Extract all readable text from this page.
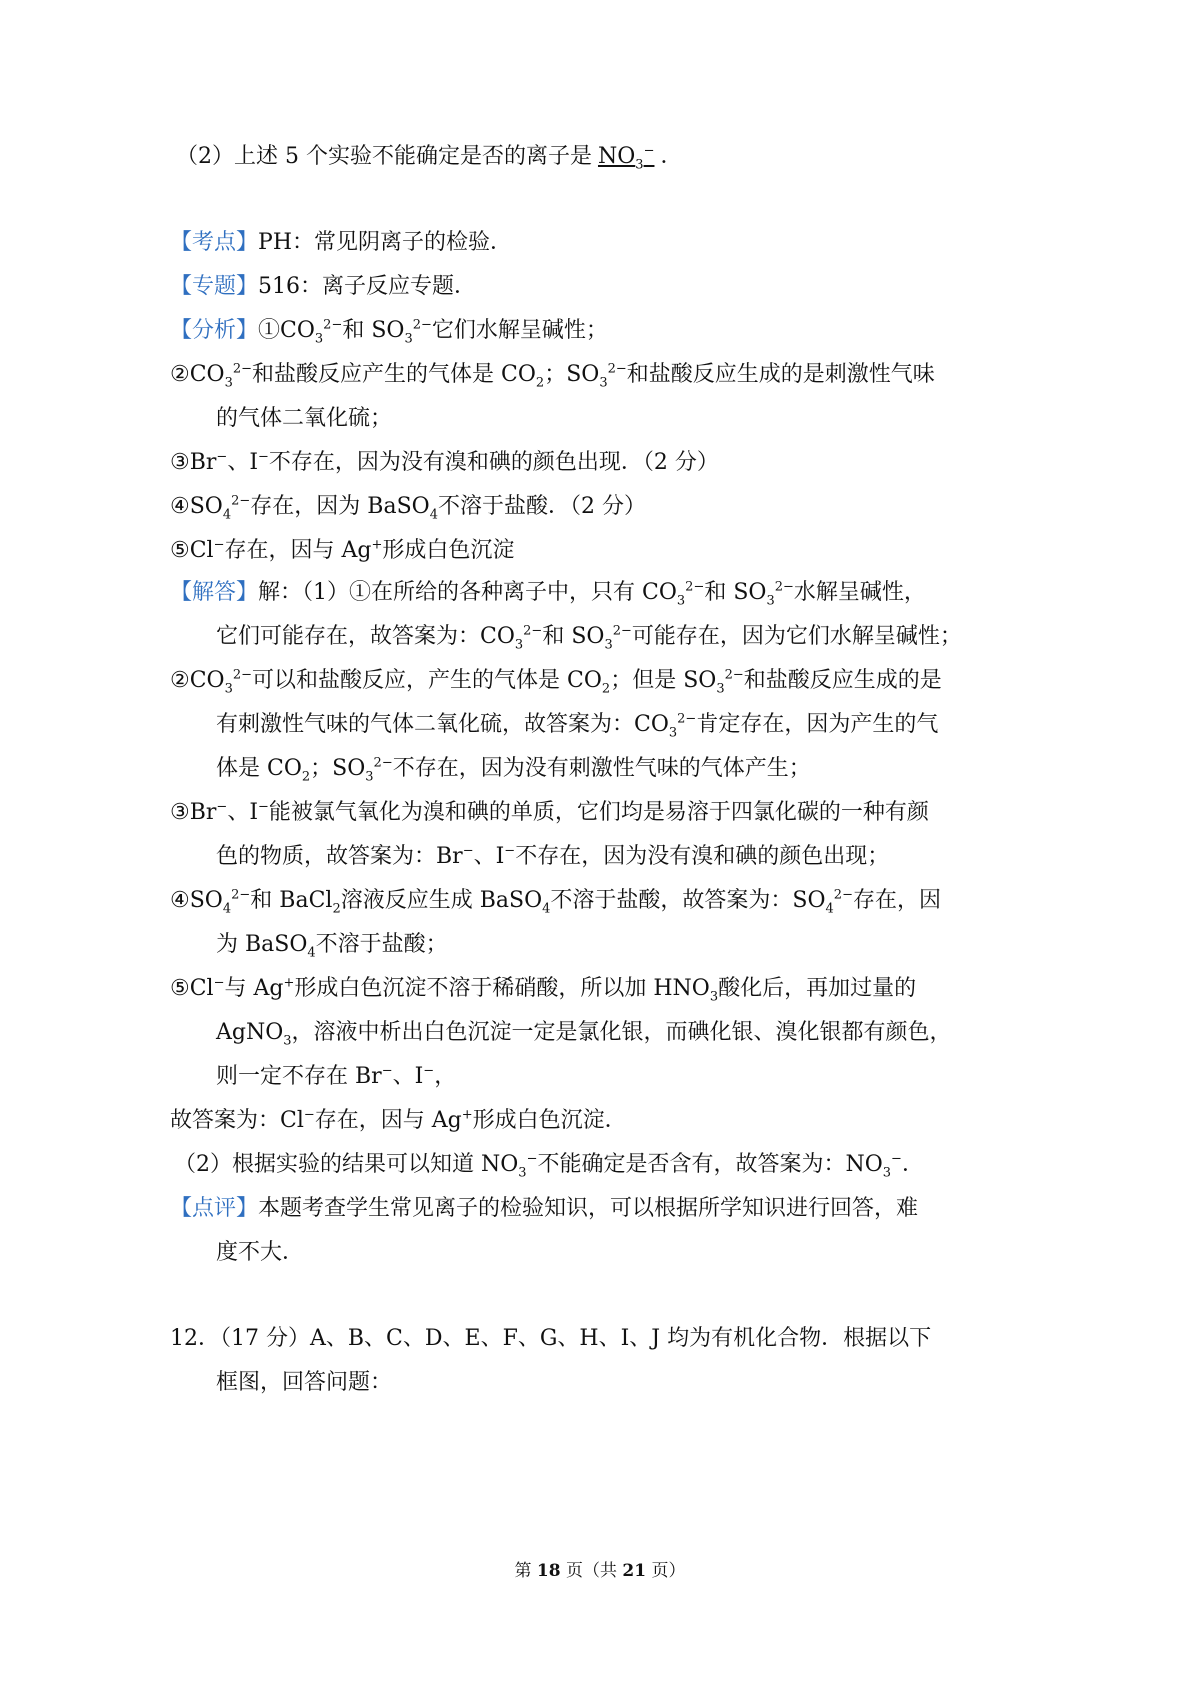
（2）上述 5 个实验不能确定是否的离子是 $NO_3^-$ ．
【考点】PH：常见阴离子的检验．
【专题】516：离子反应专题．
【分析】$①CO_3^{2-}$和 $SO_3^{2-}$它们水解呈碱性；
$②CO_3^{2-}$和盐酸反应产生的气体是 $CO_2$；$SO_3^{2-}$和盐酸反应生成的是刺激性气味
的气体二氧化硫；
③Br−、I−不存在，因为没有溴和碘的颜色出现．（2 分）
$④SO_4^{2-}$存在，因为 BaSO$_4$不溶于盐酸．（2 分）
⑤Cl−存在，因与 Ag+形成白色沉淀
【解答】解：（1）①在所给的各种离子中，只有 $CO_3^{2-}$和 $SO_3^{2-}$水解呈碱性，
它们可能存在，故答案为：$CO_3^{2-}$和 $SO_3^{2-}$可能存在，因为它们水解呈碱性；
$②CO_3^{2-}$可以和盐酸反应，产生的气体是 $CO_2$；但是 $SO_3^{2-}$和盐酸反应生成的是
有刺激性气味的气体二氧化硫，故答案为：$CO_3^{2-}$肯定存在，因为产生的气
体是 $CO_2$；$SO_3^{2-}$不存在，因为没有刺激性气味的气体产生；
③Br−、I−能被氯气氧化为溴和碘的单质，它们均是易溶于四氯化碳的一种有颜
色的物质，故答案为：Br−、I−不存在，因为没有溴和碘的颜色出现；
$④SO_4^{2-}$和 BaCl$_2$溶液反应生成 BaSO$_4$不溶于盐酸，故答案为：$SO_4^{2-}$存在，因
为 BaSO$_4$不溶于盐酸；
⑤Cl−与 Ag+形成白色沉淀不溶于稀硝酸，所以加 $HNO_3$酸化后，再加过量的
AgNO$_3$，溶液中析出白色沉淀一定是氯化银，而碘化银、溴化银都有颜色，
则一定不存在 Br−、I−，
故答案为：Cl−存在，因与 Ag+形成白色沉淀．
（2）根据实验的结果可以知道 $NO_3^-$不能确定是否含有，故答案为：$NO_3^-$．
【点评】本题考查学生常见离子的检验知识，可以根据所学知识进行回答，难
度不大．
12．（17 分）A、B、C、D、E、F、G、H、I、J 均为有机化合物．根据以下
框图，回答问题：
第 18 页（共 21 页）
